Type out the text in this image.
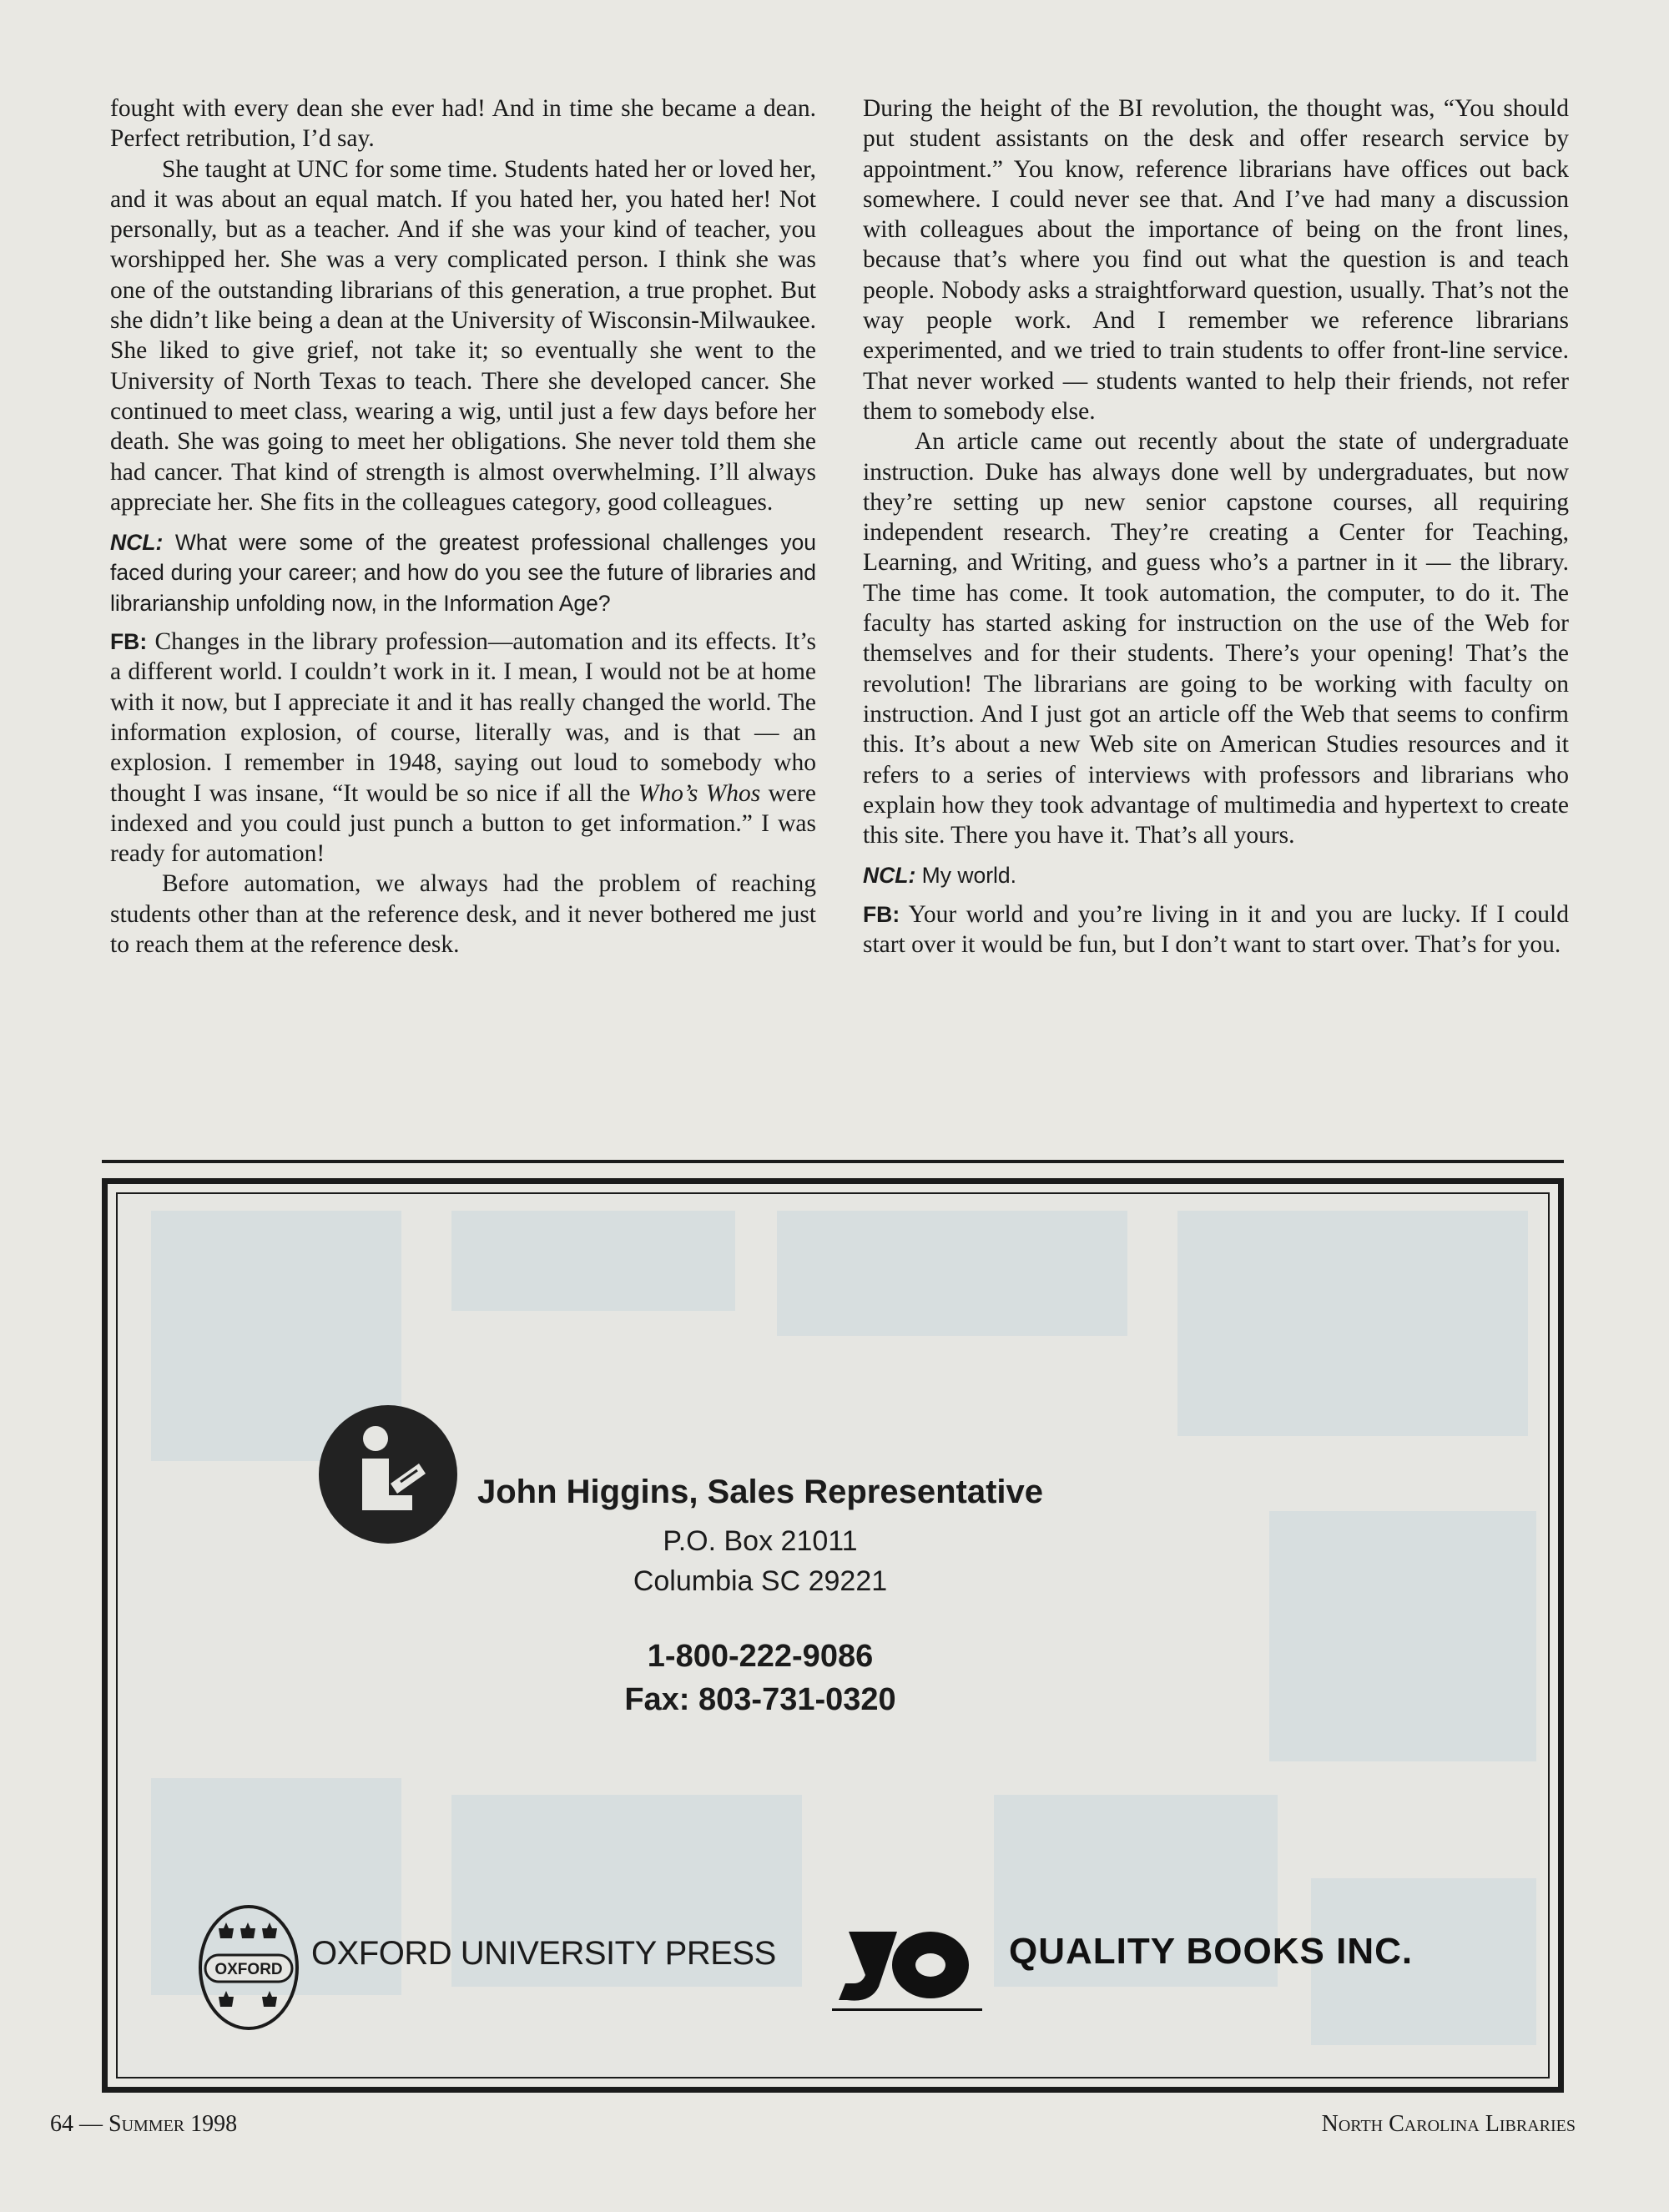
fought with every dean she ever had! And in time she became a dean. Perfect retribution, I’d say.

She taught at UNC for some time. Students hated her or loved her, and it was about an equal match. If you hated her, you hated her! Not personally, but as a teacher. And if she was your kind of teacher, you worshipped her. She was a very complicated person. I think she was one of the outstanding librarians of this generation, a true prophet. But she didn’t like being a dean at the University of Wisconsin-Milwaukee. She liked to give grief, not take it; so eventually she went to the University of North Texas to teach. There she developed cancer. She continued to meet class, wearing a wig, until just a few days before her death. She was going to meet her obligations. She never told them she had cancer. That kind of strength is almost overwhelming. I’ll always appreciate her. She fits in the colleagues category, good colleagues.

NCL: What were some of the greatest professional challenges you faced during your career; and how do you see the future of libraries and librarianship unfolding now, in the Information Age?

FB: Changes in the library profession—automation and its effects. It’s a different world. I couldn’t work in it. I mean, I would not be at home with it now, but I appreciate it and it has really changed the world. The information explosion, of course, literally was, and is that — an explosion. I remember in 1948, saying out loud to somebody who thought I was insane, “It would be so nice if all the Who’s Whos were indexed and you could just punch a button to get information.” I was ready for automation!

Before automation, we always had the problem of reaching students other than at the reference desk, and it never bothered me just to reach them at the reference desk.

During the height of the BI revolution, the thought was, “You should put student assistants on the desk and offer research service by appointment.” You know, reference librarians have offices out back somewhere. I could never see that. And I’ve had many a discussion with colleagues about the importance of being on the front lines, because that’s where you find out what the question is and teach people. Nobody asks a straightforward question, usually. That’s not the way people work. And I remember we reference librarians experimented, and we tried to train students to offer front-line service. That never worked — students wanted to help their friends, not refer them to somebody else.

An article came out recently about the state of undergraduate instruction. Duke has always done well by undergraduates, but now they’re setting up new senior capstone courses, all requiring independent research. They’re creating a Center for Teaching, Learning, and Writing, and guess who’s a partner in it — the library. The time has come. It took automation, the computer, to do it. The faculty has started asking for instruction on the use of the Web for themselves and for their students. There’s your opening! That’s the revolution! The librarians are going to be working with faculty on instruction. And I just got an article off the Web that seems to confirm this. It’s about a new Web site on American Studies resources and it refers to a series of interviews with professors and librarians who explain how they took advantage of multimedia and hypertext to create this site. There you have it. That’s all yours.

NCL: My world.

FB: Your world and you’re living in it and you are lucky. If I could start over it would be fun, but I don’t want to start over. That’s for you.

John Higgins, Sales Representative
P.O. Box 21011
Columbia SC 29221
1-800-222-9086
Fax: 803-731-0320
OXFORD OXFORD UNIVERSITY PRESS	QUALITY BOOKS INC.
64 — Summer 1998	North Carolina Libraries
